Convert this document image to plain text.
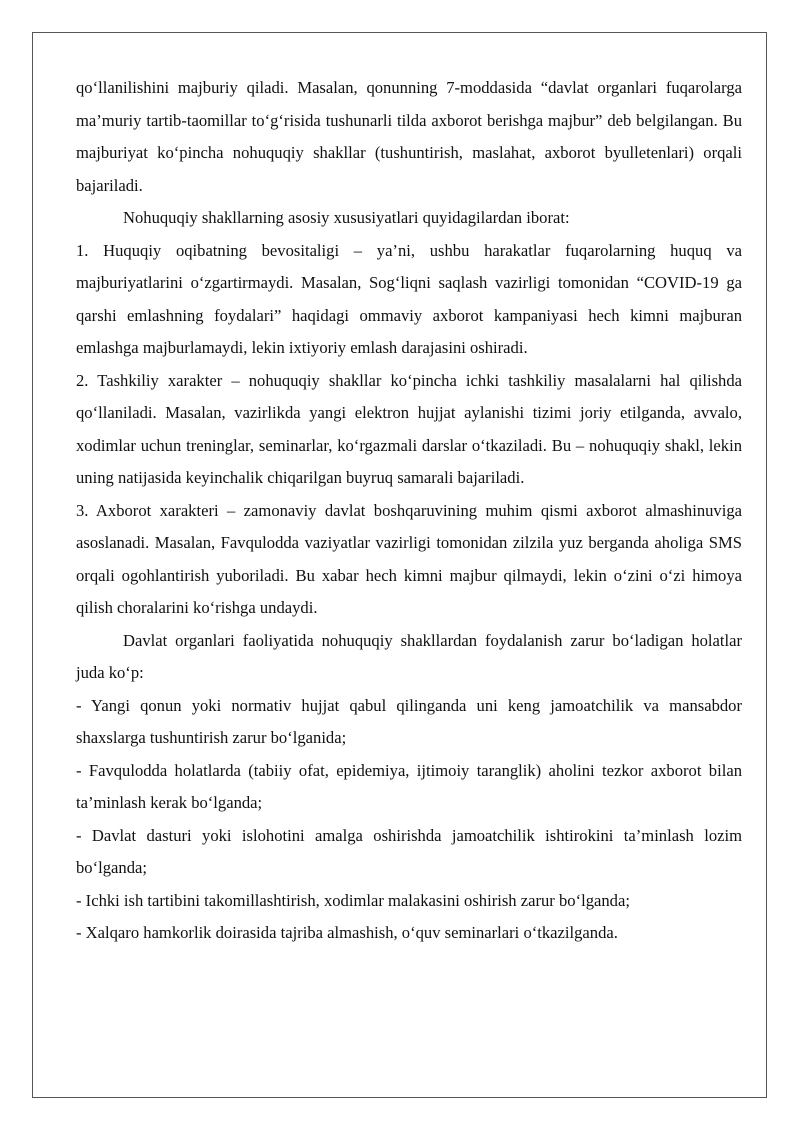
qo‘llanilishini majburiy qiladi. Masalan, qonunning 7-moddasida “davlat organlari fuqarolarga ma’muriy tartib-taomillar to‘g‘risida tushunarli tilda axborot berishga majbur” deb belgilangan. Bu majburiyat ko‘pincha nohuquqiy shakllar (tushuntirish, maslahat, axborot byulletenlari) orqali bajariladi.

Nohuquqiy shakllarning asosiy xususiyatlari quyidagilardan iborat:

1. Huquqiy oqibatning bevositaligi – ya’ni, ushbu harakatlar fuqarolarning huquq va majburiyatlarini o‘zgartirmaydi. Masalan, Sog‘liqni saqlash vazirligi tomonidan “COVID-19 ga qarshi emlashning foydalari” haqidagi ommaviy axborot kampaniyasi hech kimni majburan emlashga majburlamaydi, lekin ixtiyoriy emlash darajasini oshiradi.

2. Tashkiliy xarakter – nohuquqiy shakllar ko‘pincha ichki tashkiliy masalalarni hal qilishda qo‘llaniladi. Masalan, vazirlikda yangi elektron hujjat aylanishi tizimi joriy etilganda, avvalo, xodimlar uchun treninglar, seminarlar, ko‘rgazmali darslar o‘tkaziladi. Bu – nohuquqiy shakl, lekin uning natijasida keyinchalik chiqarilgan buyruq samarali bajariladi.

3. Axborot xarakteri – zamonaviy davlat boshqaruvining muhim qismi axborot almashinuviga asoslanadi. Masalan, Favqulodda vaziyatlar vazirligi tomonidan zilzila yuz berganda aholiga SMS orqali ogohlantirish yuboriladi. Bu xabar hech kimni majbur qilmaydi, lekin o‘zini o‘zi himoya qilish choralarini ko‘rishga undaydi.

Davlat organlari faoliyatida nohuquqiy shakllardan foydalanish zarur bo‘ladigan holatlar juda ko‘p:

- Yangi qonun yoki normativ hujjat qabul qilinganda uni keng jamoatchilik va mansabdor shaxslarga tushuntirish zarur bo‘lganida;

- Favqulodda holatlarda (tabiiy ofat, epidemiya, ijtimoiy taranglik) aholini tezkor axborot bilan ta’minlash kerak bo‘lganda;

- Davlat dasturi yoki islohotini amalga oshirishda jamoatchilik ishtirokini ta’minlash lozim bo‘lganda;

- Ichki ish tartibini takomillashtirish, xodimlar malakasini oshirish zarur bo‘lganda;

- Xalqaro hamkorlik doirasida tajriba almashish, o‘quv seminarlari o‘tkazilganda.
